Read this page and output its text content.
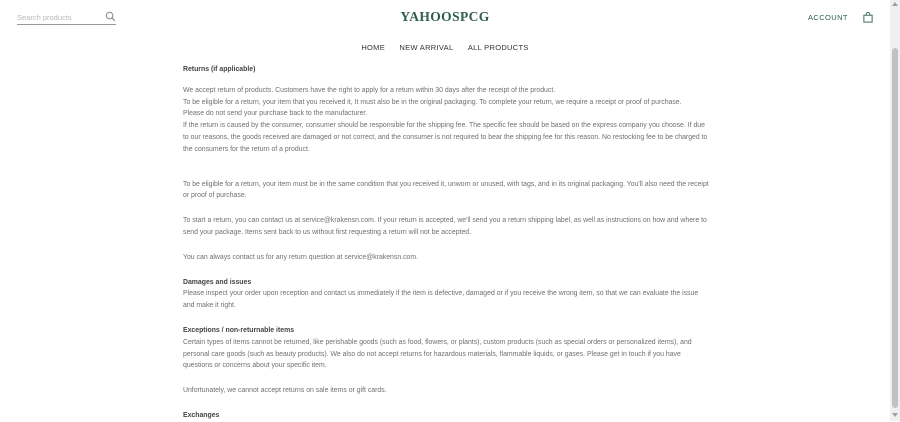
Search products
YAHOOSPCG	ACCOUNT
HOME NEW ARRIVAL ALL PRODUCTS

Returns (if applicable)

We accept return of products. Customers have the right to apply for a return within 30 days after the receipt of the product.

To be eligible for a return, your item that you received it, It must also be in the original packaging. To complete your return, we require a receipt or proof of purchase.

Please do not send your purchase back to the manufacturer.

If the return is caused by the consumer, consumer should be responsible for the shipping fee. The specific fee should be based on the express company you choose. If due to our reasons, the goods received are damaged or not correct, and the consumer is not required to bear the shipping fee for this reason. No restocking fee to be charged to the consumers for the return of a product.

To be eligible for a return, your item must be in the same condition that you received it, unworn or unused, with tags, and in its original packaging. You'll also need the receipt or proof of purchase.

To start a return, you can contact us at service@krakensn.com. If your return is accepted, we'll send you a return shipping label, as well as instructions on how and where to send your package. Items sent back to us without first requesting a return will not be accepted.

You can always contact us for any return question at service@krakensn.com.

Damages and issues

Please inspect your order upon reception and contact us immediately if the item is defective, damaged or if you receive the wrong item, so that we can evaluate the issue and make it right.

Exceptions / non-returnable items

Certain types of items cannot be returned, like perishable goods (such as food, flowers, or plants), custom products (such as special orders or personalized items), and personal care goods (such as beauty products). We also do not accept returns for hazardous materials, flammable liquids, or gases. Please get in touch if you have questions or concerns about your specific item.

Unfortunately, we cannot accept returns on sale items or gift cards.

Exchanges
